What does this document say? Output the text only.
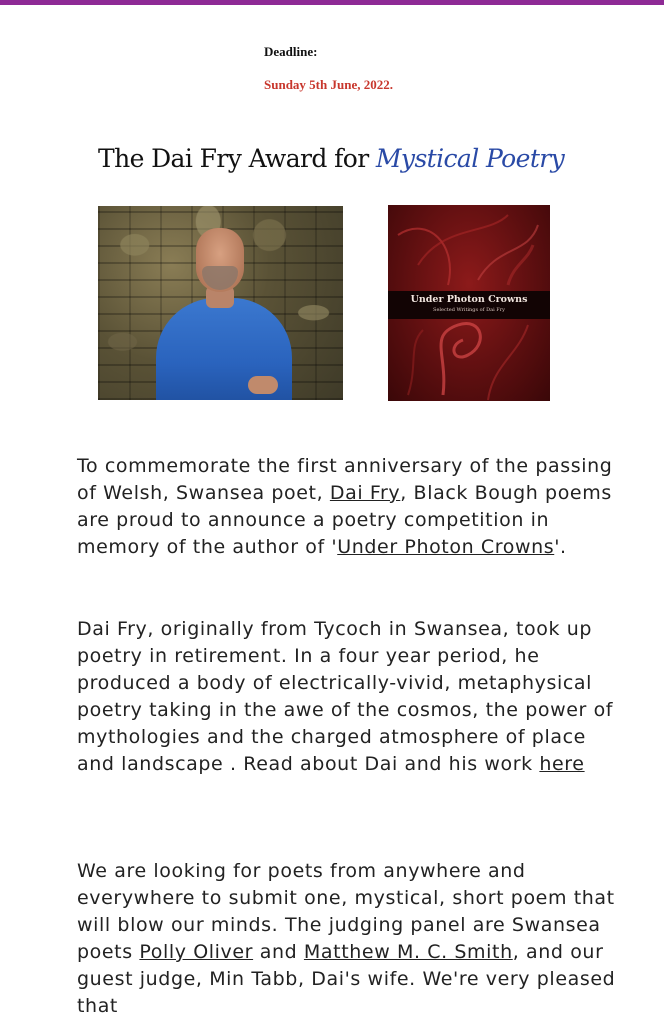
Deadline:
Sunday 5th June, 2022.
The Dai Fry Award for Mystical Poetry
Under Photon Crowns
Selected Writings of Dai Fry

To commemorate the first anniversary of the passing of Welsh, Swansea poet, Dai Fry, Black Bough poems are proud to announce a poetry competition in memory of the author of 'Under Photon Crowns'.

Dai Fry, originally from Tycoch in Swansea, took up poetry in retirement. In a four year period, he produced a body of electrically-vivid, metaphysical poetry taking in the awe of the cosmos, the power of mythologies and the charged atmosphere of place and landscape . Read about Dai and his work here

We are looking for poets from anywhere and everywhere to submit one, mystical, short poem that will blow our minds. The judging panel are Swansea poets Polly Oliver and Matthew M. C. Smith, and our guest judge, Min Tabb, Dai's wife. We're very pleased that
